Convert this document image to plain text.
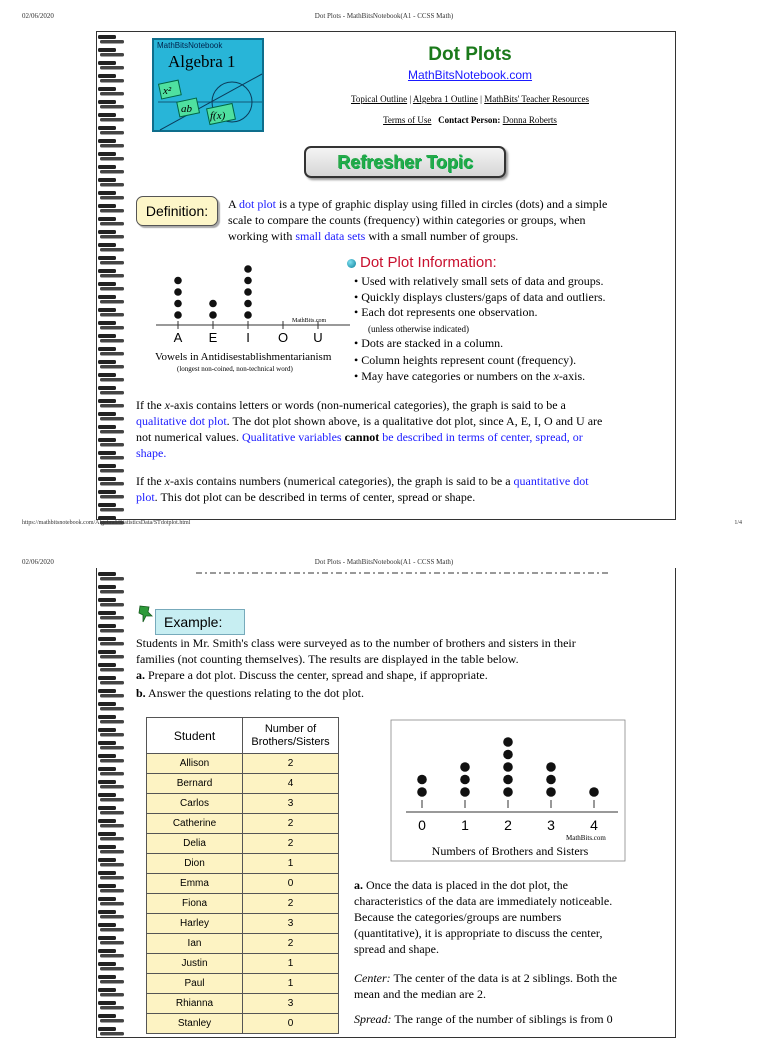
02/06/2020	Dot Plots - MathBitsNotebook(A1 - CCSS Math)
MathBitsNotebook
Algebra 1
x²
ab
f(x)
Dot Plots
MathBitsNotebook.com
Topical Outline | Algebra 1 Outline | MathBits' Teacher Resources
Terms of Use Contact Person: Donna Roberts
Refresher Topic
Definition:	A dot plot is a type of graphic display using filled in circles (dots) and a simple
scale to compare the counts (frequency) within categories or groups, when
working with small data sets with a small number of groups.
MathBits.com
A E I O U
Vowels in Antidisestablishmentarianism
(longest non-coined, non-technical word)
Dot Plot Information:
• Used with relatively small sets of data and groups.
• Quickly displays clusters/gaps of data and outliers.
• Each dot represents one observation.
(unless otherwise indicated)
• Dots are stacked in a column.
• Column heights represent count (frequency).
• May have categories or numbers on the x-axis.
If the x-axis contains letters or words (non-numerical categories), the graph is said to be a
qualitative dot plot. The dot plot shown above, is a qualitative dot plot, since A, E, I, O and U are
not numerical values. Qualitative variables cannot be described in terms of center, spread, or
shape.
If the x-axis contains numbers (numerical categories), the graph is said to be a quantitative dot
plot. This dot plot can be described in terms of center, spread or shape.
https://mathbitsnotebook.com/Algebra1/StatisticsData/STdotplot.html	1/4
02/06/2020	Dot Plots - MathBitsNotebook(A1 - CCSS Math)
Example:
Students in Mr. Smith's class were surveyed as to the number of brothers and sisters in their
families (not counting themselves). The results are displayed in the table below.
a. Prepare a dot plot. Discuss the center, spread and shape, if appropriate.
b. Answer the questions relating to the dot plot.
Student	Number of Brothers/Sisters
Allison	2
Bernard	4
Carlos	3
Catherine	2
Delia	2
Dion	1
Emma	0
Fiona	2
Harley	3
Ian	2
Justin	1
Paul	1
Rhianna	3
Stanley	0
MathBits.com
Numbers of Brothers and Sisters
0	1	2	3	4
a. Once the data is placed in the dot plot, the
characteristics of the data are immediately noticeable.
Because the categories/groups are numbers
(quantitative), it is appropriate to discuss the center,
spread and shape.
Center: The center of the data is at 2 siblings. Both the
mean and the median are 2.
Spread: The range of the number of siblings is from 0
